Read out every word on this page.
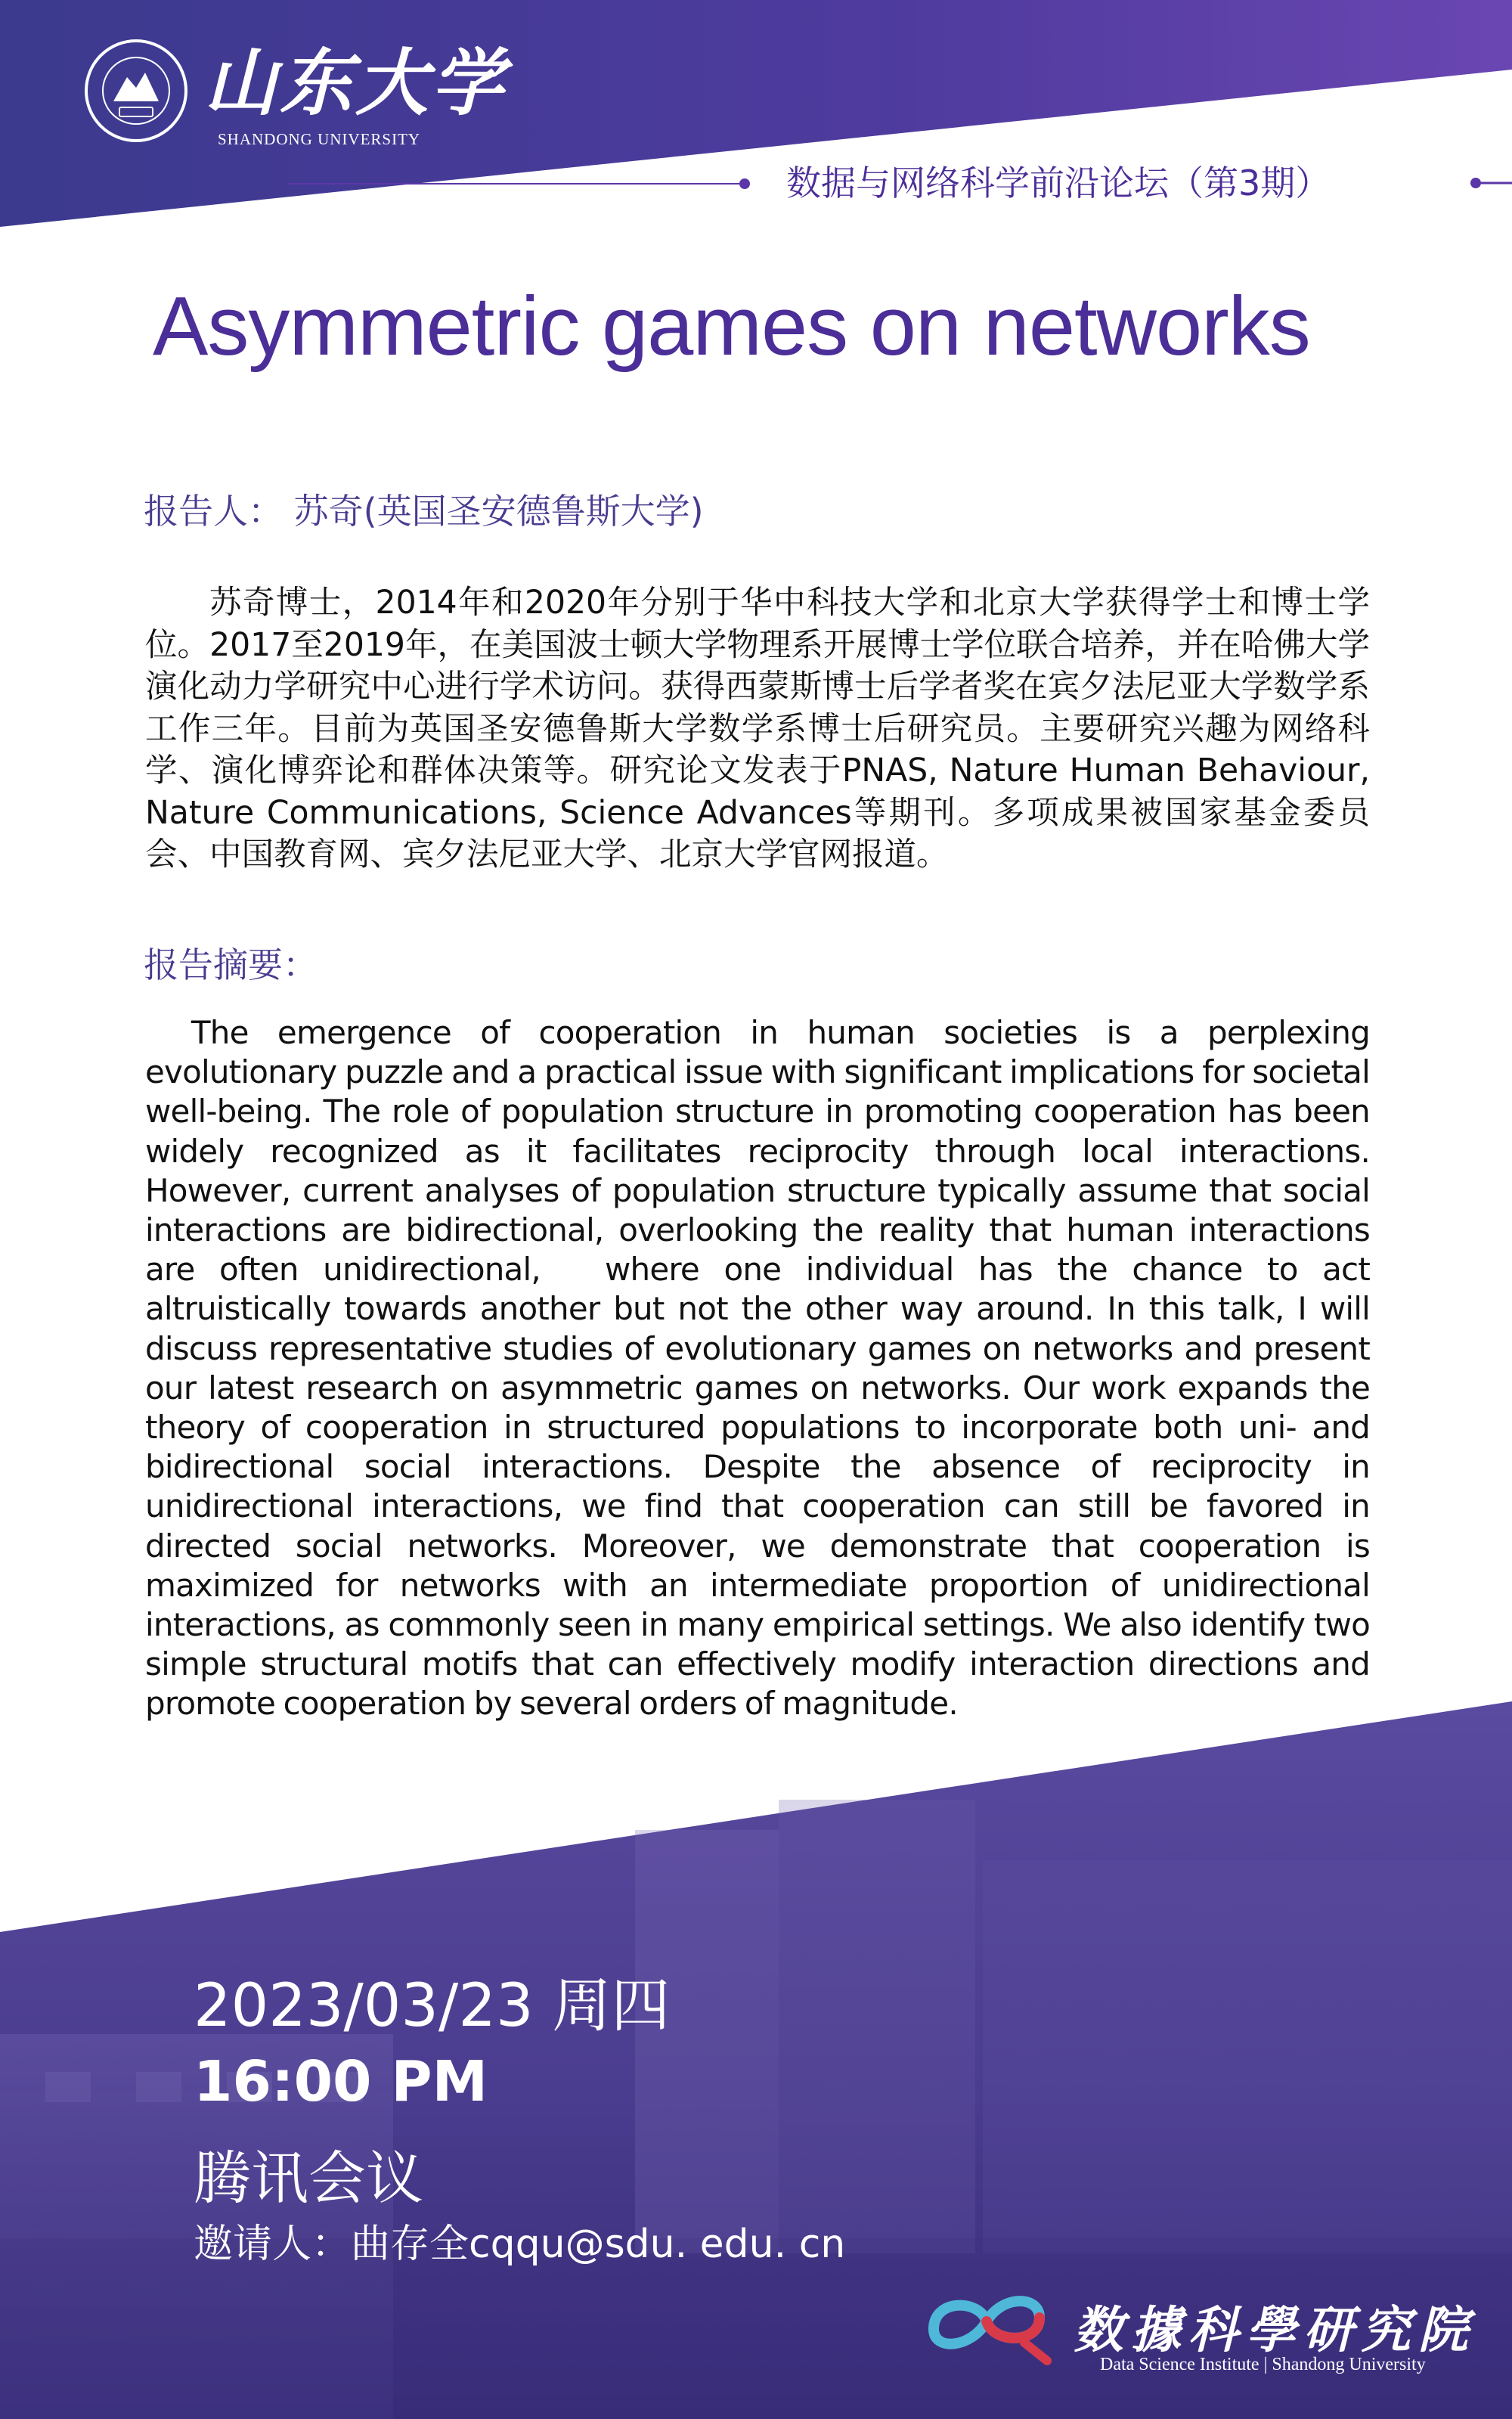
山东大学

SHANDONG UNIVERSITY

数据与网络科学前沿论坛（第3期）

Asymmetric games on networks

报告人： 苏奇(英国圣安德鲁斯大学)

苏奇博士，2014年和2020年分别于华中科技大学和北京大学获得学士和博士学位。2017至2019年，在美国波士顿大学物理系开展博士学位联合培养，并在哈佛大学演化动力学研究中心进行学术访问。获得西蒙斯博士后学者奖在宾夕法尼亚大学数学系工作三年。目前为英国圣安德鲁斯大学数学系博士后研究员。主要研究兴趣为网络科学、演化博弈论和群体决策等。研究论文发表于PNAS, Nature Human Behaviour, Nature Communications, Science Advances等期刊。多项成果被国家基金委员会、中国教育网、宾夕法尼亚大学、北京大学官网报道。

报告摘要：

The emergence of cooperation in human societies is a perplexing evolutionary puzzle and a practical issue with significant implications for societal well-being. The role of population structure in promoting cooperation has been widely recognized as it facilitates reciprocity through local interactions. However, current analyses of population structure typically assume that social interactions are bidirectional, overlooking the reality that human interactions are often unidirectional,　where one individual has the chance to act altruistically towards another but not the other way around. In this talk, I will discuss representative studies of evolutionary games on networks and present our latest research on asymmetric games on networks. Our work expands the theory of cooperation in structured populations to incorporate both uni- and bidirectional social interactions. Despite the absence of reciprocity in unidirectional interactions, we find that cooperation can still be favored in directed social networks. Moreover, we demonstrate that cooperation is maximized for networks with an intermediate proportion of unidirectional interactions, as commonly seen in many empirical settings. We also identify two simple structural motifs that can effectively modify interaction directions and promote cooperation by several orders of magnitude.

2023/03/23 周四

16:00 PM

腾讯会议

邀请人：曲存全cqqu@sdu. edu. cn

数據科學研究院

Data Science Institute | Shandong University
